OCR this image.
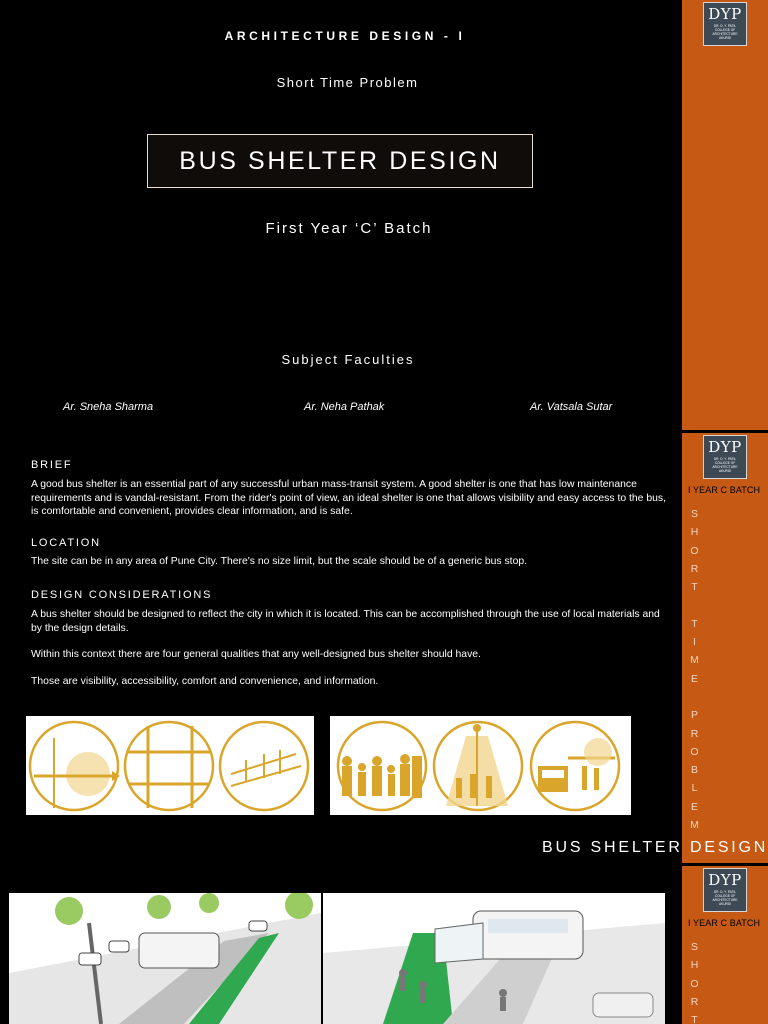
ARCHITECTURE DESIGN - I
Short Time Problem
BUS SHELTER DESIGN
First Year ‘C’ Batch
Subject Faculties
Ar. Sneha Sharma	Ar. Neha Pathak	Ar. Vatsala Sutar
DYP
DR. D. Y. PATIL COLLEGE OF ARCHITECTURE AKURDI
DYP
DR. D. Y. PATIL COLLEGE OF ARCHITECTURE AKURDI
I YEAR C BATCH
S
H
O
R
T

T
I
M
E

P
R
O
B
L
E
M
DYP
DR. D. Y. PATIL COLLEGE OF ARCHITECTURE AKURDI
I YEAR C BATCH
S
H
O
R
T
BRIEF
A good bus shelter is an essential part of any successful urban mass-transit system. A good shelter is one that has low maintenance requirements and is vandal-resistant. From the rider's point of view, an ideal shelter is one that allows visibility and easy access to the bus, is comfortable and convenient, provides clear information, and is safe.
LOCATION
The site can be in any area of Pune City. There's no size limit, but the scale should be of a generic bus stop.
DESIGN CONSIDERATIONS
A bus shelter should be designed to reflect the city in which it is located. This can be accomplished through the use of local materials and by the design details.
Within this context there are four general qualities that any well-designed bus shelter should have.
Those are visibility, accessibility, comfort and convenience, and information.
BUS SHELTER DESIGN
